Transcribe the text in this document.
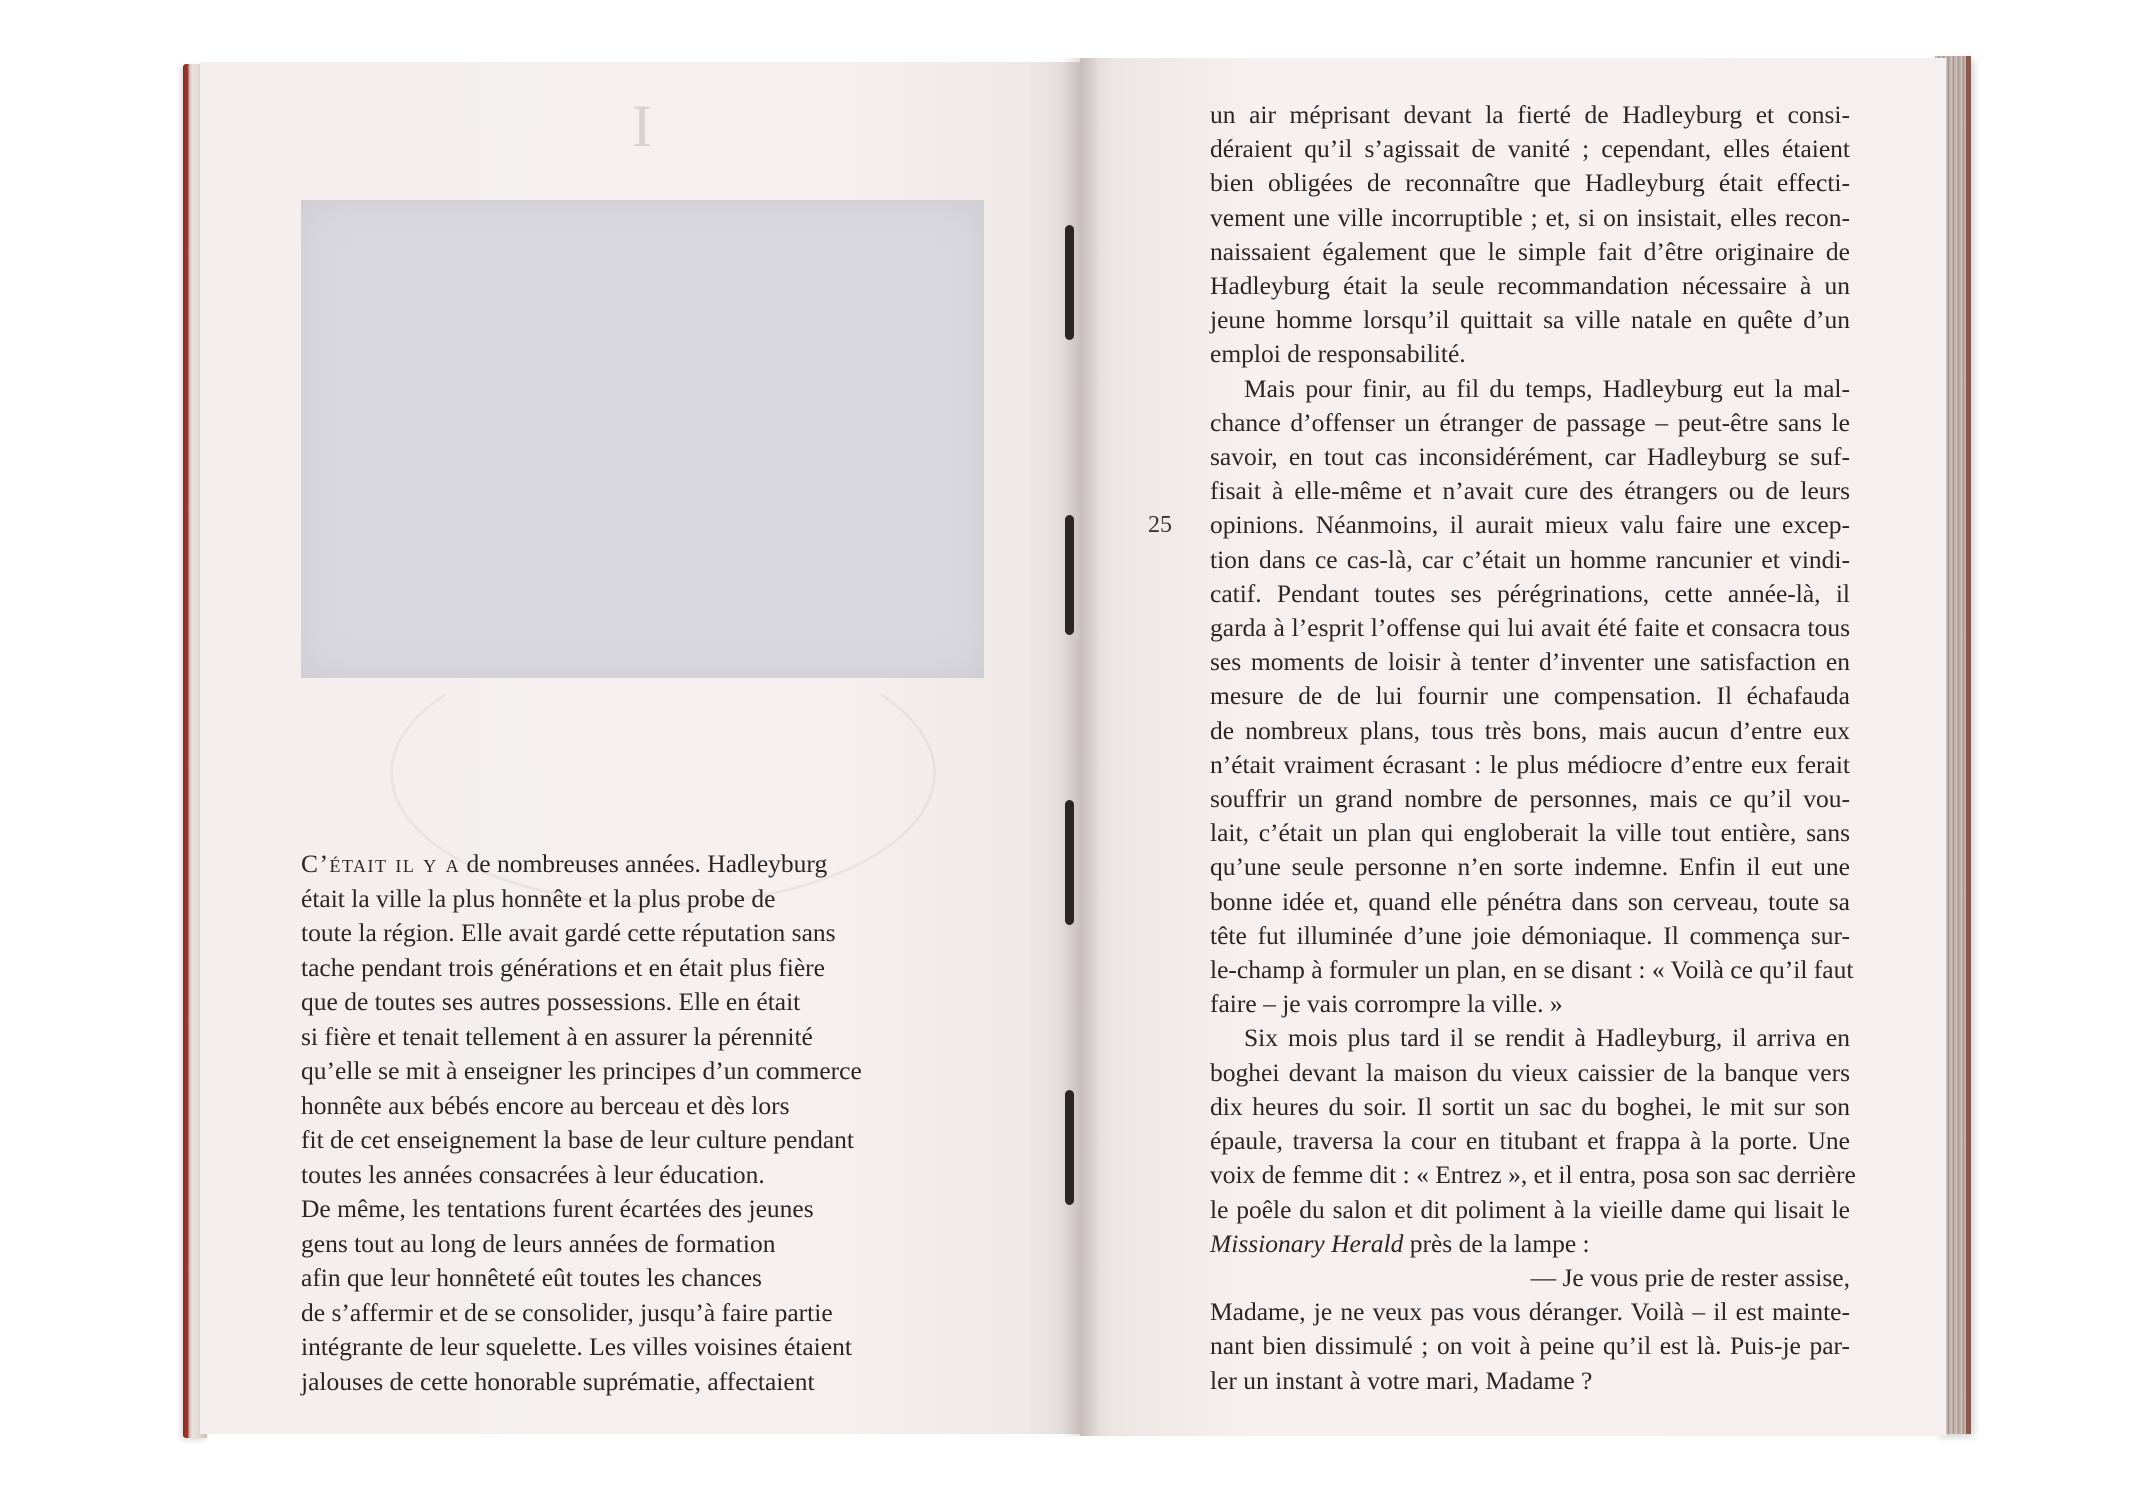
I
C’était il y a de nombreuses années. Hadleyburg
était la ville la plus honnête et la plus probe de
toute la région. Elle avait gardé cette réputation sans
tache pendant trois générations et en était plus fière
que de toutes ses autres possessions. Elle en était
si fière et tenait tellement à en assurer la pérennité
qu’elle se mit à enseigner les principes d’un commerce
honnête aux bébés encore au berceau et dès lors
fit de cet enseignement la base de leur culture pendant
toutes les années consacrées à leur éducation.
De même, les tentations furent écartées des jeunes
gens tout au long de leurs années de formation
afin que leur honnêteté eût toutes les chances
de s’affermir et de se consolider, jusqu’à faire partie
intégrante de leur squelette. Les villes voisines étaient
jalouses de cette honorable suprématie, affectaient
25
un air méprisant devant la fierté de Hadleyburg et consi-
déraient qu’il s’agissait de vanité ; cependant, elles étaient
bien obligées de reconnaître que Hadleyburg était effecti-
vement une ville incorruptible ; et, si on insistait, elles recon-
naissaient également que le simple fait d’être originaire de
Hadleyburg était la seule recommandation nécessaire à un
jeune homme lorsqu’il quittait sa ville natale en quête d’un
emploi de responsabilité.
Mais pour finir, au fil du temps, Hadleyburg eut la mal-
chance d’offenser un étranger de passage – peut-être sans le
savoir, en tout cas inconsidérément, car Hadleyburg se suf-
fisait à elle-même et n’avait cure des étrangers ou de leurs
opinions. Néanmoins, il aurait mieux valu faire une excep-
tion dans ce cas-là, car c’était un homme rancunier et vindi-
catif. Pendant toutes ses pérégrinations, cette année-là, il
garda à l’esprit l’offense qui lui avait été faite et consacra tous
ses moments de loisir à tenter d’inventer une satisfaction en
mesure de de lui fournir une compensation. Il échafauda
de nombreux plans, tous très bons, mais aucun d’entre eux
n’était vraiment écrasant : le plus médiocre d’entre eux ferait
souffrir un grand nombre de personnes, mais ce qu’il vou-
lait, c’était un plan qui engloberait la ville tout entière, sans
qu’une seule personne n’en sorte indemne. Enfin il eut une
bonne idée et, quand elle pénétra dans son cerveau, toute sa
tête fut illuminée d’une joie démoniaque. Il commença sur-
le-champ à formuler un plan, en se disant : « Voilà ce qu’il faut
faire – je vais corrompre la ville. »
Six mois plus tard il se rendit à Hadleyburg, il arriva en
boghei devant la maison du vieux caissier de la banque vers
dix heures du soir. Il sortit un sac du boghei, le mit sur son
épaule, traversa la cour en titubant et frappa à la porte. Une
voix de femme dit : « Entrez », et il entra, posa son sac derrière
le poêle du salon et dit poliment à la vieille dame qui lisait le
Missionary Herald près de la lampe :
— Je vous prie de rester assise,
Madame, je ne veux pas vous déranger. Voilà – il est mainte-
nant bien dissimulé ; on voit à peine qu’il est là. Puis-je par-
ler un instant à votre mari, Madame ?
